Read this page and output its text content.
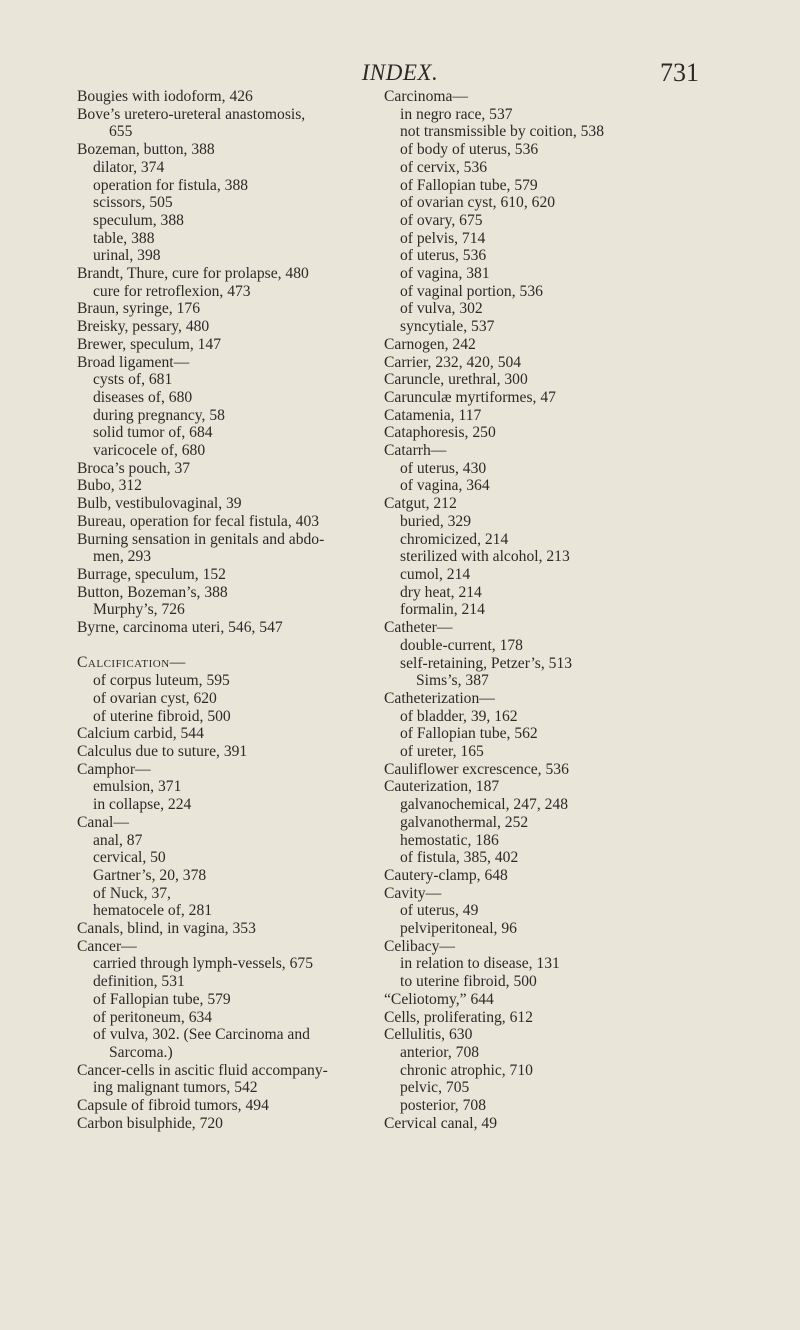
INDEX.	731
Bougies with iodoform, 426
Bove’s uretero-ureteral anastomosis,
655
Bozeman, button, 388
dilator, 374
operation for fistula, 388
scissors, 505
speculum, 388
table, 388
urinal, 398
Brandt, Thure, cure for prolapse, 480
cure for retroflexion, 473
Braun, syringe, 176
Breisky, pessary, 480
Brewer, speculum, 147
Broad ligament—
cysts of, 681
diseases of, 680
during pregnancy, 58
solid tumor of, 684
varicocele of, 680
Broca’s pouch, 37
Bubo, 312
Bulb, vestibulovaginal, 39
Bureau, operation for fecal fistula, 403
Burning sensation in genitals and abdo-
men, 293
Burrage, speculum, 152
Button, Bozeman’s, 388
Murphy’s, 726
Byrne, carcinoma uteri, 546, 547
Calcification—
of corpus luteum, 595
of ovarian cyst, 620
of uterine fibroid, 500
Calcium carbid, 544
Calculus due to suture, 391
Camphor—
emulsion, 371
in collapse, 224
Canal—
anal, 87
cervical, 50
Gartner’s, 20, 378
of Nuck, 37,
hematocele of, 281
Canals, blind, in vagina, 353
Cancer—
carried through lymph-vessels, 675
definition, 531
of Fallopian tube, 579
of peritoneum, 634
of vulva, 302. (See Carcinoma and
Sarcoma.)
Cancer-cells in ascitic fluid accompany-
ing malignant tumors, 542
Capsule of fibroid tumors, 494
Carbon bisulphide, 720
Carcinoma—
in negro race, 537
not transmissible by coition, 538
of body of uterus, 536
of cervix, 536
of Fallopian tube, 579
of ovarian cyst, 610, 620
of ovary, 675
of pelvis, 714
of uterus, 536
of vagina, 381
of vaginal portion, 536
of vulva, 302
syncytiale, 537
Carnogen, 242
Carrier, 232, 420, 504
Caruncle, urethral, 300
Carunculæ myrtiformes, 47
Catamenia, 117
Cataphoresis, 250
Catarrh—
of uterus, 430
of vagina, 364
Catgut, 212
buried, 329
chromicized, 214
sterilized with alcohol, 213
cumol, 214
dry heat, 214
formalin, 214
Catheter—
double-current, 178
self-retaining, Petzer’s, 513
Sims’s, 387
Catheterization—
of bladder, 39, 162
of Fallopian tube, 562
of ureter, 165
Cauliflower excrescence, 536
Cauterization, 187
galvanochemical, 247, 248
galvanothermal, 252
hemostatic, 186
of fistula, 385, 402
Cautery-clamp, 648
Cavity—
of uterus, 49
pelviperitoneal, 96
Celibacy—
in relation to disease, 131
to uterine fibroid, 500
“Celiotomy,” 644
Cells, proliferating, 612
Cellulitis, 630
anterior, 708
chronic atrophic, 710
pelvic, 705
posterior, 708
Cervical canal, 49
